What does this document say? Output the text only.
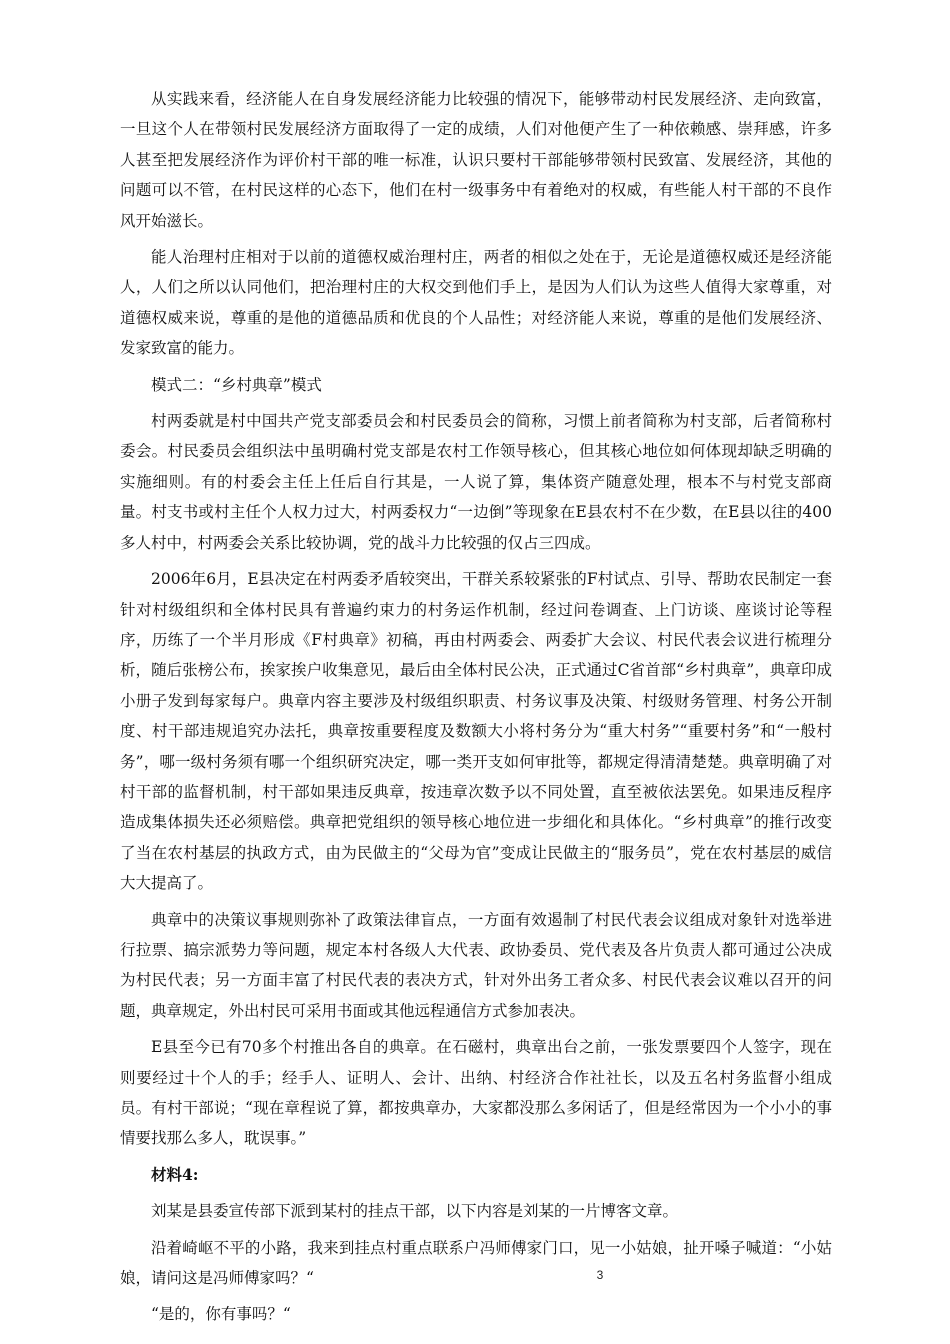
从实践来看，经济能人在自身发展经济能力比较强的情况下，能够带动村民发展经济、走向致富，一旦这个人在带领村民发展经济方面取得了一定的成绩，人们对他便产生了一种依赖感、崇拜感，许多人甚至把发展经济作为评价村干部的唯一标准，认识只要村干部能够带领村民致富、发展经济，其他的问题可以不管，在村民这样的心态下，他们在村一级事务中有着绝对的权威，有些能人村干部的不良作风开始滋长。

能人治理村庄相对于以前的道德权威治理村庄，两者的相似之处在于，无论是道德权威还是经济能人，人们之所以认同他们，把治理村庄的大权交到他们手上，是因为人们认为这些人值得大家尊重，对道德权威来说，尊重的是他的道德品质和优良的个人品性；对经济能人来说，尊重的是他们发展经济、发家致富的能力。

模式二：“乡村典章”模式

村两委就是村中国共产党支部委员会和村民委员会的简称，习惯上前者简称为村支部，后者简称村委会。村民委员会组织法中虽明确村党支部是农村工作领导核心，但其核心地位如何体现却缺乏明确的实施细则。有的村委会主任上任后自行其是，一人说了算，集体资产随意处理，根本不与村党支部商量。村支书或村主任个人权力过大，村两委权力“一边倒”等现象在E县农村不在少数，在E县以往的400多人村中，村两委会关系比较协调，党的战斗力比较强的仅占三四成。

2006年6月，E县决定在村两委矛盾较突出，干群关系较紧张的F村试点、引导、帮助农民制定一套针对村级组织和全体村民具有普遍约束力的村务运作机制，经过问卷调查、上门访谈、座谈讨论等程序，历练了一个半月形成《F村典章》初稿，再由村两委会、两委扩大会议、村民代表会议进行梳理分析，随后张榜公布，挨家挨户收集意见，最后由全体村民公决，正式通过C省首部“乡村典章”，典章印成小册子发到每家每户。典章内容主要涉及村级组织职责、村务议事及决策、村级财务管理、村务公开制度、村干部违规追究办法托，典章按重要程度及数额大小将村务分为“重大村务”“重要村务”和“一般村务”，哪一级村务须有哪一个组织研究决定，哪一类开支如何审批等，都规定得清清楚楚。典章明确了对村干部的监督机制，村干部如果违反典章，按违章次数予以不同处置，直至被依法罢免。如果违反程序造成集体损失还必须赔偿。典章把党组织的领导核心地位进一步细化和具体化。“乡村典章”的推行改变了当在农村基层的执政方式，由为民做主的“父母为官”变成让民做主的“服务员”，党在农村基层的威信大大提高了。

典章中的决策议事规则弥补了政策法律盲点，一方面有效遏制了村民代表会议组成对象针对选举进行拉票、搞宗派势力等问题，规定本村各级人大代表、政协委员、党代表及各片负责人都可通过公决成为村民代表；另一方面丰富了村民代表的表决方式，针对外出务工者众多、村民代表会议难以召开的问题，典章规定，外出村民可采用书面或其他远程通信方式参加表决。

E县至今已有70多个村推出各自的典章。在石磁村，典章出台之前，一张发票要四个人签字，现在则要经过十个人的手；经手人、证明人、会计、出纳、村经济合作社社长，以及五名村务监督小组成员。有村干部说；“现在章程说了算，都按典章办，大家都没那么多闲话了，但是经常因为一个小小的事情要找那么多人，耽误事。”

材料4:

刘某是县委宣传部下派到某村的挂点干部，以下内容是刘某的一片博客文章。

沿着崎岖不平的小路，我来到挂点村重点联系户冯师傅家门口，见一小姑娘，扯开嗓子喊道：“小姑娘，请问这是冯师傅家吗？“

“是的，你有事吗？“

3
